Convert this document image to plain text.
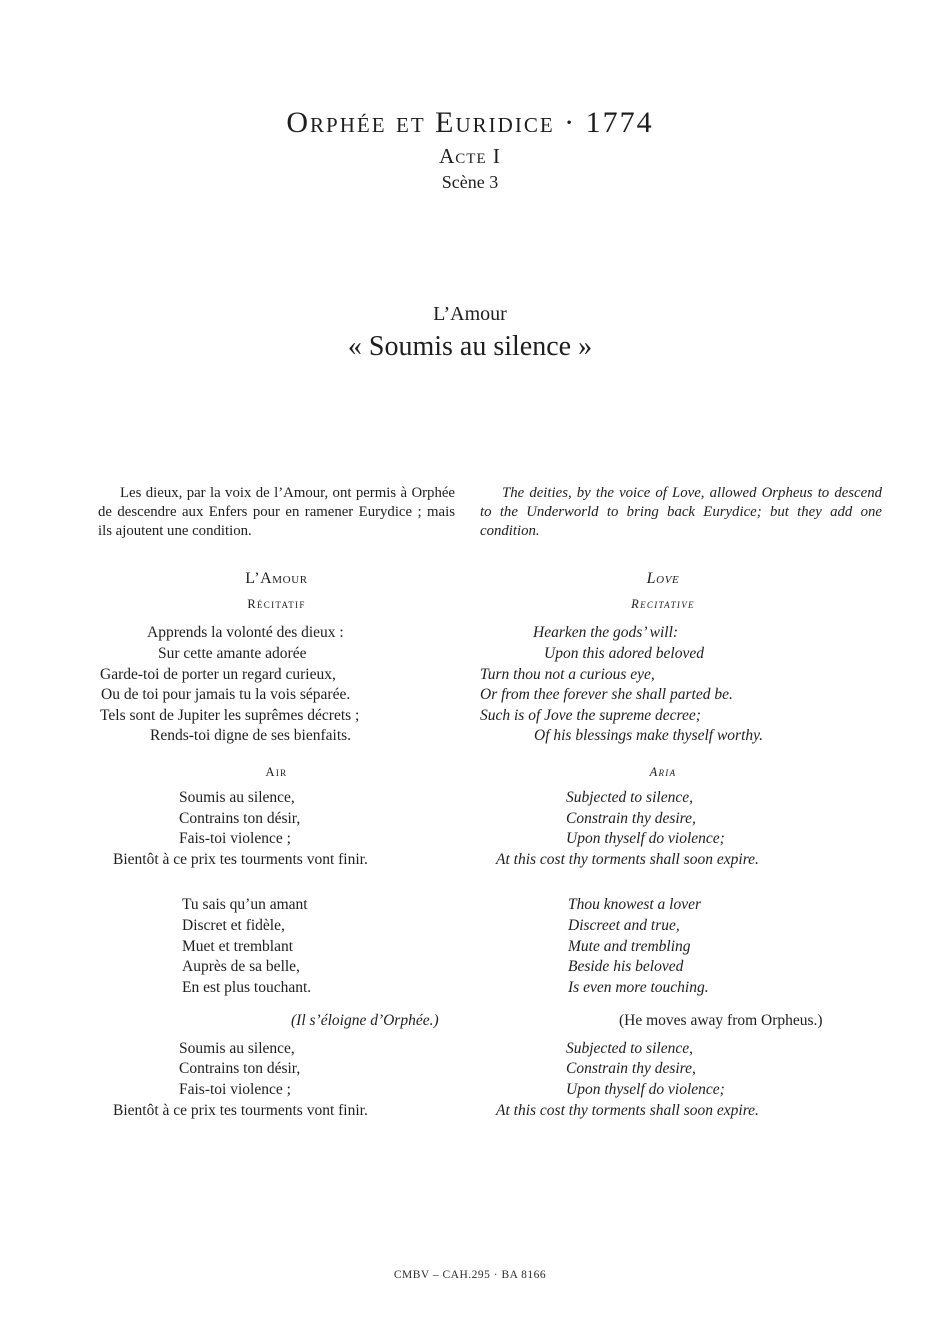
Orphée et Euridice · 1774
Acte I
Scène 3
L’Amour
« Soumis au silence »

Les dieux, par la voix de l’Amour, ont permis à Orphée de descendre aux Enfers pour en ramener Eurydice ; mais ils ajoutent une condition.

L’Amour
Récitatif
Apprends la volonté des dieux :
Sur cette amante adorée
Garde-toi de porter un regard curieux,
Ou de toi pour jamais tu la vois séparée.
Tels sont de Jupiter les suprêmes décrets ;
Rends-toi digne de ses bienfaits.
Air
Soumis au silence,
Contrains ton désir,
Fais-toi violence ;
Bientôt à ce prix tes tourments vont finir.
Tu sais qu’un amant
Discret et fidèle,
Muet et tremblant
Auprès de sa belle,
En est plus touchant.
(Il s’éloigne d’Orphée.)
Soumis au silence,
Contrains ton désir,
Fais-toi violence ;
Bientôt à ce prix tes tourments vont finir.

The deities, by the voice of Love, allowed Orpheus to descend to the Underworld to bring back Eurydice; but they add one condition.

Love
Recitative
Hearken the gods’ will:
Upon this adored beloved
Turn thou not a curious eye,
Or from thee forever she shall parted be.
Such is of Jove the supreme decree;
Of his blessings make thyself worthy.
Aria
Subjected to silence,
Constrain thy desire,
Upon thyself do violence;
At this cost thy torments shall soon expire.
Thou knowest a lover
Discreet and true,
Mute and trembling
Beside his beloved
Is even more touching.
(He moves away from Orpheus.)
Subjected to silence,
Constrain thy desire,
Upon thyself do violence;
At this cost thy torments shall soon expire.
CMBV – CAH.295 · BA 8166
